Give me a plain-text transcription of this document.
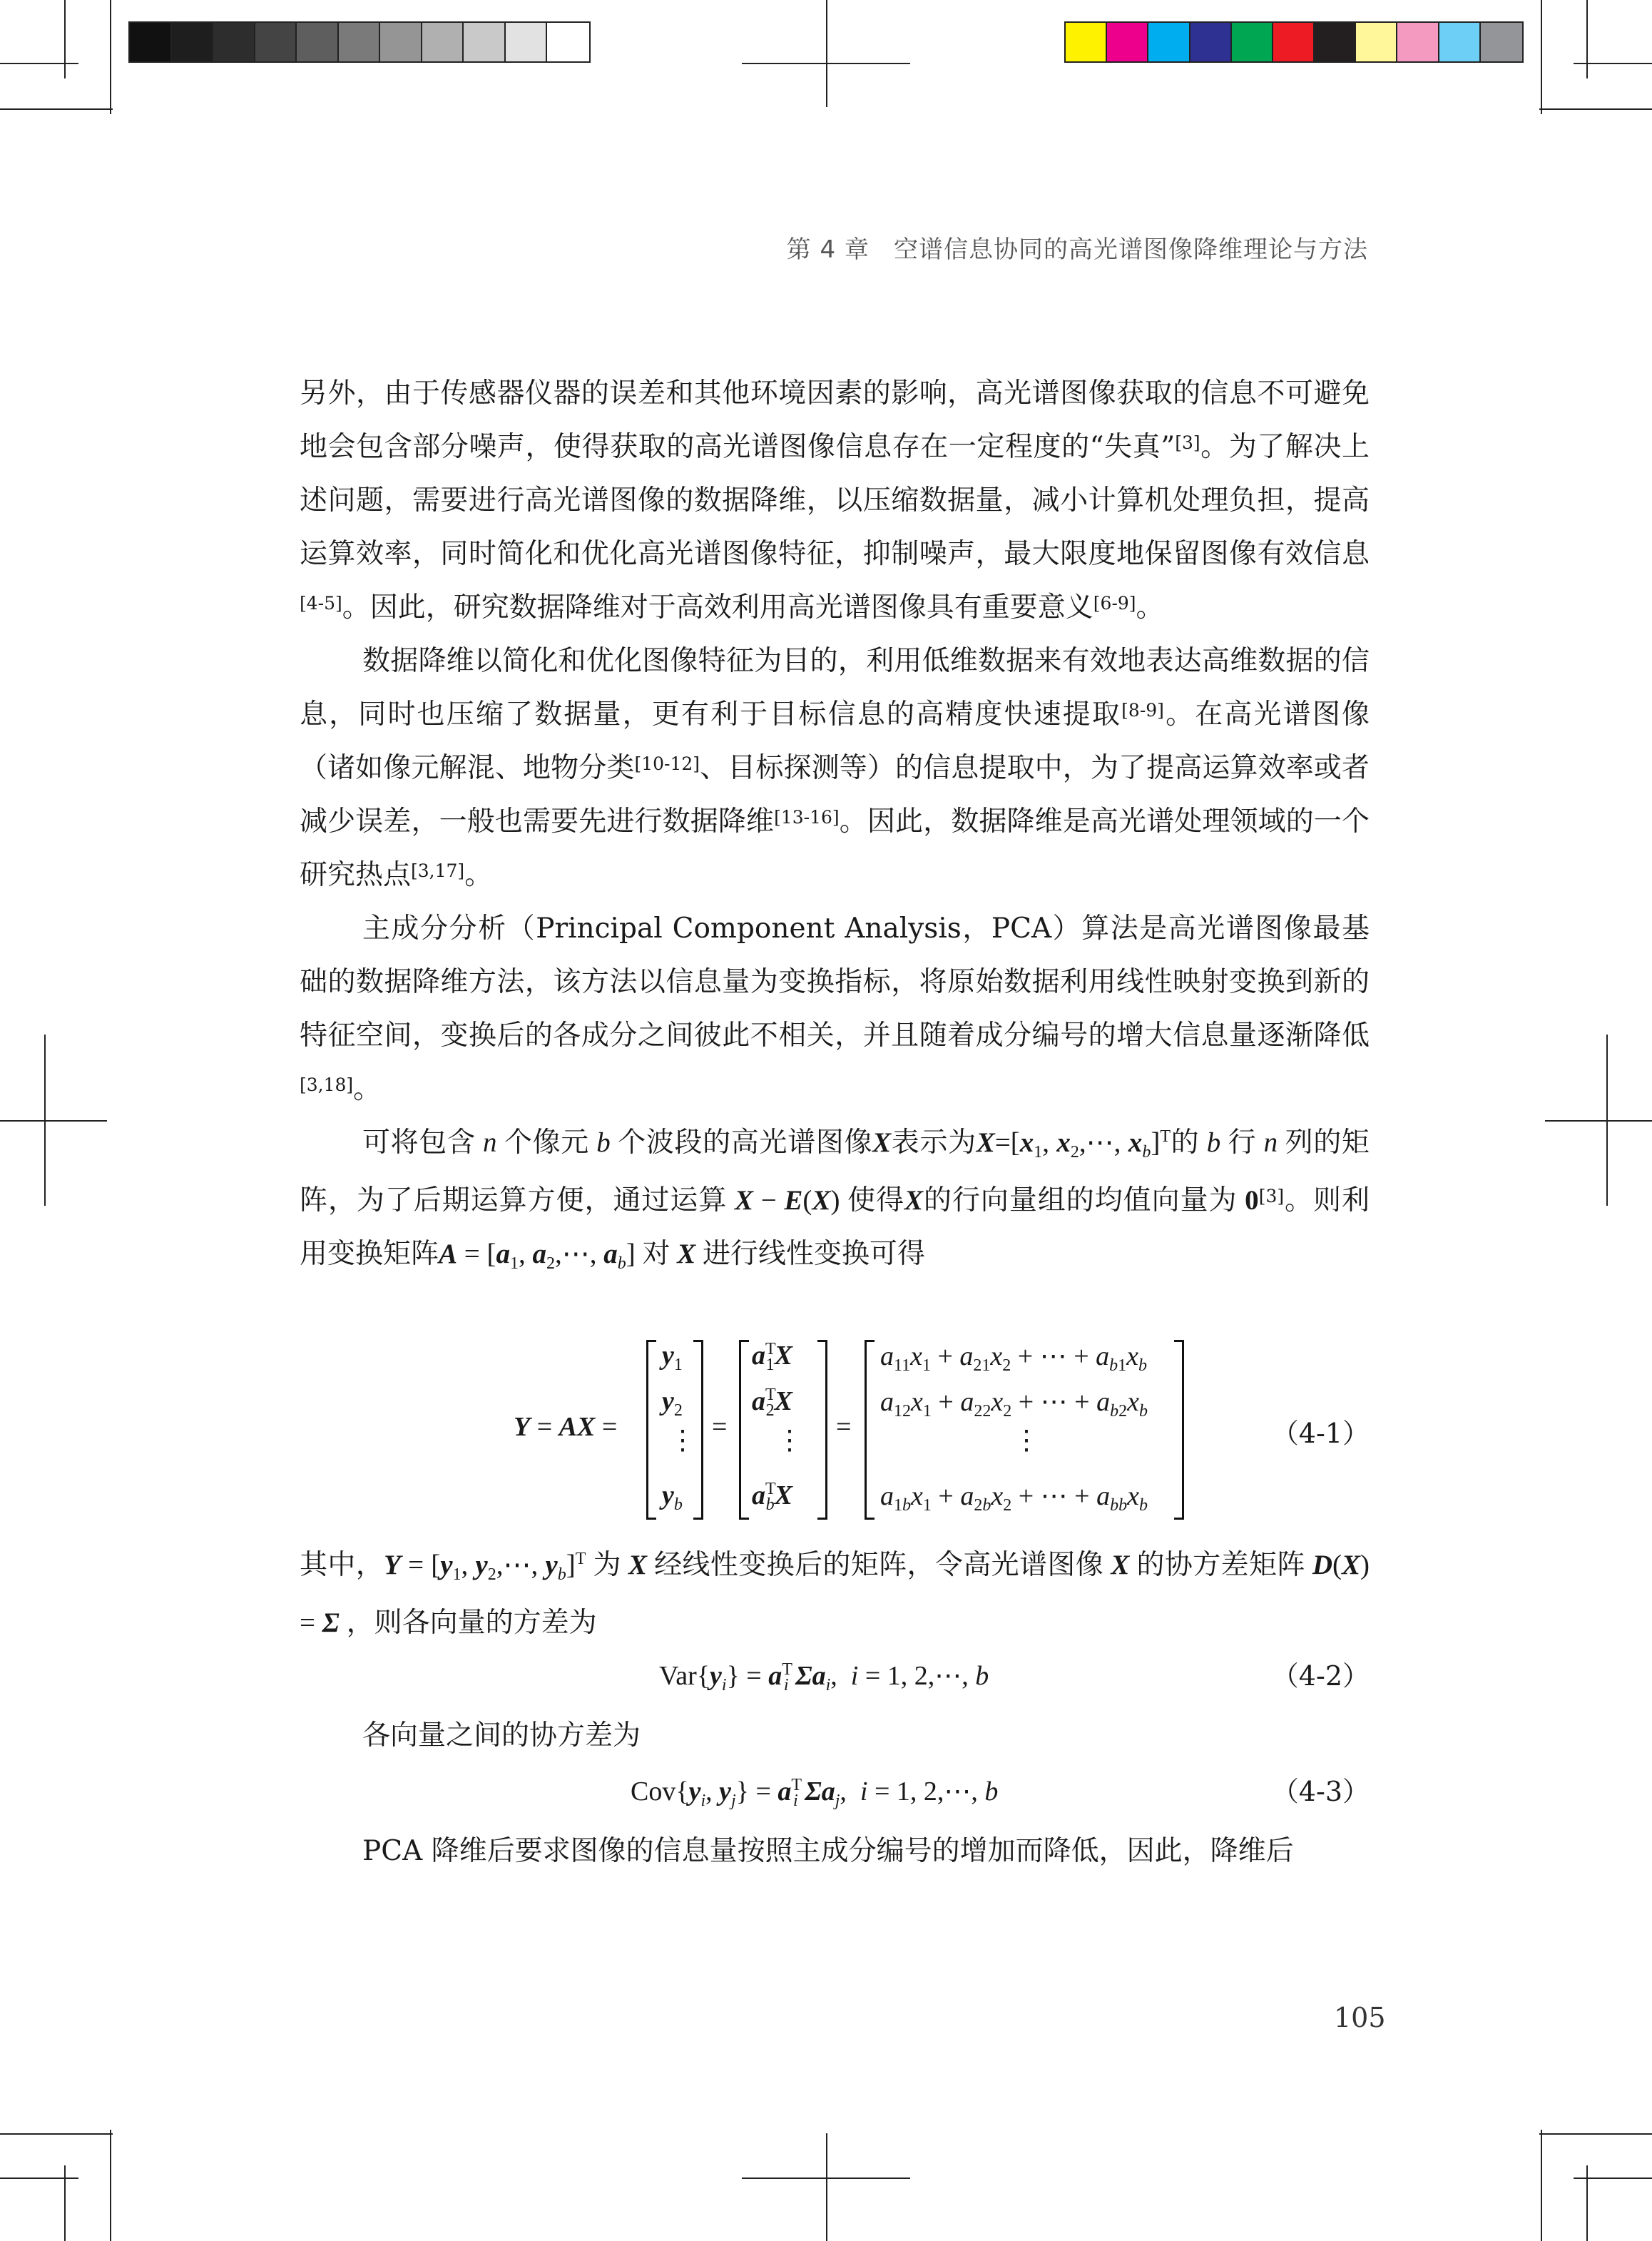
第 4 章 空谱信息协同的高光谱图像降维理论与方法

另外，由于传感器仪器的误差和其他环境因素的影响，高光谱图像获取的信息不可避免地会包含部分噪声，使得获取的高光谱图像信息存在一定程度的“失真”[3]。为了解决上述问题，需要进行高光谱图像的数据降维，以压缩数据量，减小计算机处理负担，提高运算效率，同时简化和优化高光谱图像特征，抑制噪声，最大限度地保留图像有效信息[4-5]。因此，研究数据降维对于高效利用高光谱图像具有重要意义[6-9]。

数据降维以简化和优化图像特征为目的，利用低维数据来有效地表达高维数据的信息，同时也压缩了数据量，更有利于目标信息的高精度快速提取[8-9]。在高光谱图像（诸如像元解混、地物分类[10-12]、目标探测等）的信息提取中，为了提高运算效率或者减少误差，一般也需要先进行数据降维[13-16]。因此，数据降维是高光谱处理领域的一个研究热点[3,17]。

主成分分析（Principal Component Analysis，PCA）算法是高光谱图像最基础的数据降维方法，该方法以信息量为变换指标，将原始数据利用线性映射变换到新的特征空间，变换后的各成分之间彼此不相关，并且随着成分编号的增大信息量逐渐降低[3,18]。

可将包含 n 个像元 b 个波段的高光谱图像X表示为$X=[x_1$, $x_2,\cdots$, $x_b]^T$的 b 行 n 列的矩阵，为了后期运算方便，通过运算 X − E(X) 使得X的行向量组的均值向量为 0[3]。则利用变换矩阵$A = [a_1$, $a_2,\cdots$, $a_b$] 对 X 进行线性变换可得

Y = AX =
$y_1$
$y_2$
⋮
$y_b$
=
$a^T_1X$
$a^T_2X$
⋮
$a^T_bX$
=
$a_{11}x_1 + a_{21}x_2$ + ⋯ + $a_{b1}x_b$
$a_{12}x_1 + a_{22}x_2$ + ⋯ + $a_{b2}x_b$
⋮
$a_{1b}x_1 + a_{2b}x_2$ + ⋯ + $a_{bb}x_b$
（4-1）

其中，$Y = [y_1$, $y_2,\cdots$, $y_b]^T$ 为 X 经线性变换后的矩阵，令高光谱图像 X 的协方差矩阵 D(X) = Σ ，则各向量的方差为

$Var\{y_i\} = a^T_i$ $\Sigma a_i$,  i = 1, 2,⋯, b	（4-2）

各向量之间的协方差为

$Cov\{y_i$, $y_j\} = a^T_i$ $\Sigma a_j$,  i = 1, 2,⋯, b	（4-3）

PCA 降维后要求图像的信息量按照主成分编号的增加而降低，因此，降维后

105
